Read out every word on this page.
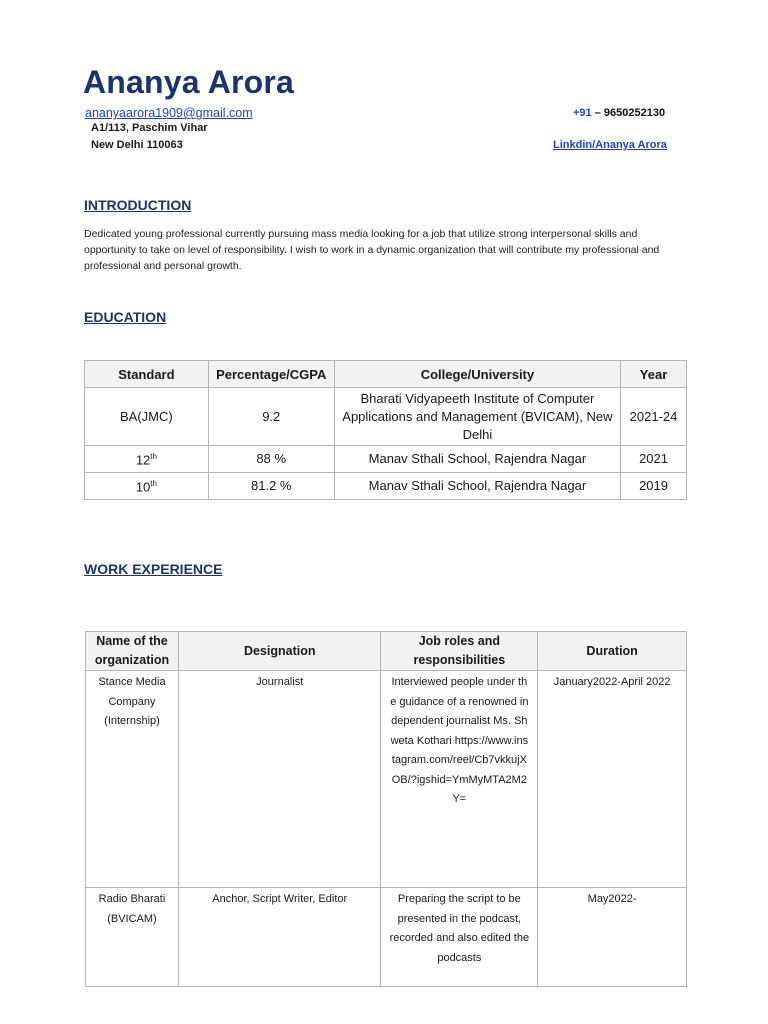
Ananya Arora
ananyaarora1909@gmail.com
A1/113, Paschim Vihar
New Delhi 110063
+91 – 9650252130
Linkdin/Ananya Arora
INTRODUCTION
Dedicated young professional currently pursuing mass media looking for a job that utilize strong interpersonal skills and opportunity to take on level of responsibility. I wish to work in a dynamic organization that will contribute my professional and professional and personal growth.
EDUCATION
Standard	Percentage/CGPA	College/University	Year
BA(JMC)	9.2	Bharati Vidyapeeth Institute of Computer Applications and Management (BVICAM), New Delhi	2021-24
12th	88 %	Manav Sthali School, Rajendra Nagar	2021
10th	81.2 %	Manav Sthali School, Rajendra Nagar	2019
WORK EXPERIENCE
Name of the organization	Designation	Job roles and responsibilities	Duration
Stance Media Company (Internship)	Journalist	Interviewed people under the guidance of a renowned independent journalist Ms. Shweta Kothari https://www.instagram.com/reel/Cb7vkkujXOB/?igshid=YmMyMTA2M2Y=	January2022-April 2022
Radio Bharati (BVICAM)	Anchor, Script Writer, Editor	Preparing the script to be presented in the podcast, recorded and also edited the podcasts	May2022-
